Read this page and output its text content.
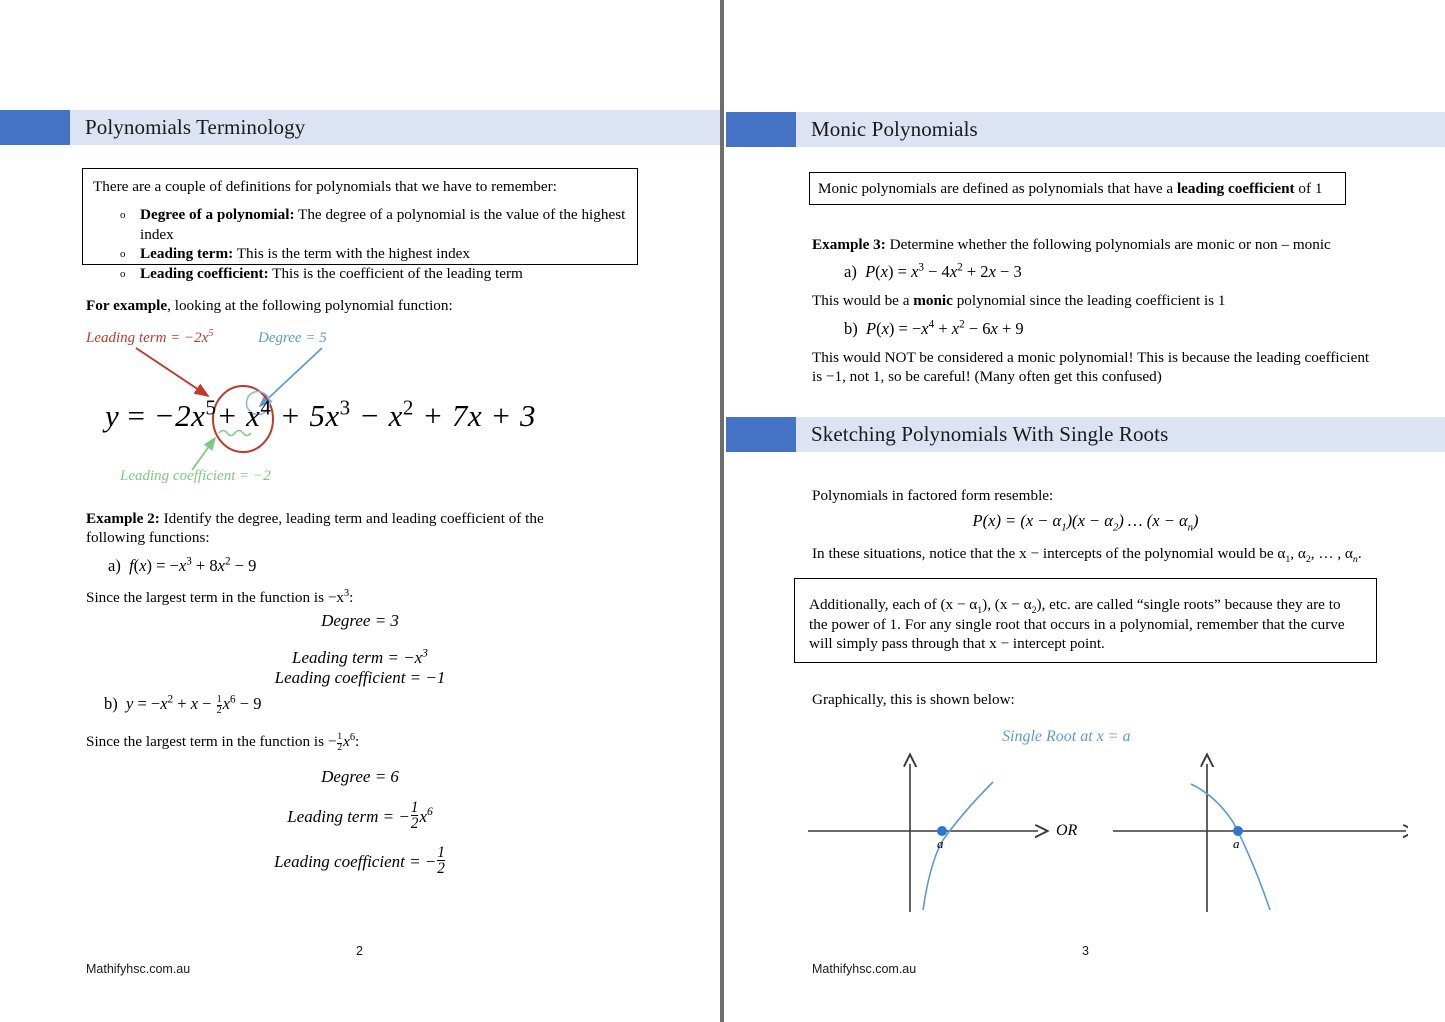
Polynomials Terminology
There are a couple of definitions for polynomials that we have to remember:
o Degree of a polynomial: The degree of a polynomial is the value of the highest index
o Leading term: This is the term with the highest index
o Leading coefficient: This is the coefficient of the leading term
For example, looking at the following polynomial function:
Leading term = $-2x^5$	Degree = 5
Leading coefficient = −2
$y = -2x^5+ x^4 + 5x^3 - x^2 + 7x + 3$
Example 2: Identify the degree, leading term and leading coefficient of the following functions:
a) $f(x) = -x^3 + 8x^2 - 9$
Since the largest term in the function is $-x^3$:
Degree = 3
Leading term = $-x^3$
Leading coefficient = −1
b) $y = -x^2 + x - \frac{1}{2} x^6 - 9$
Since the largest term in the function is − $\frac{1}{2} x^6$:
Degree = 6
Leading term = − $\frac{1}{2} x^6$
Leading coefficient = − $\frac{1}{2}$
Mathifyhsc.com.au
2
Monic Polynomials
Monic polynomials are defined as polynomials that have a leading coefficient of 1
Example 3: Determine whether the following polynomials are monic or non – monic
a) $P(x) = x^3 - 4x^2 + 2x - 3$
This would be a monic polynomial since the leading coefficient is 1
b) $P(x) = -x^4 + x^2 - 6x + 9$
This would NOT be considered a monic polynomial! This is because the leading coefficient
is −1, not 1, so be careful! (Many often get this confused)
Sketching Polynomials With Single Roots
Polynomials in factored form resemble:
$P(x) = (x - \alpha_1)(x - \alpha_2)$ … $(x - \alpha_n)$
In these situations, notice that the x − intercepts of the polynomial would be $\alpha_1$, $\alpha_2$, … , $\alpha_n$.
Additionally, each of $(x - \alpha_1)$, $(x - \alpha_2)$, etc. are called “single roots” because they are to the power of 1. For any single root that occurs in a polynomial, remember that the curve will simply pass through that x − intercept point.
Graphically, this is shown below:
Single Root at x = a
OR
a	a
Mathifyhsc.com.au
3
